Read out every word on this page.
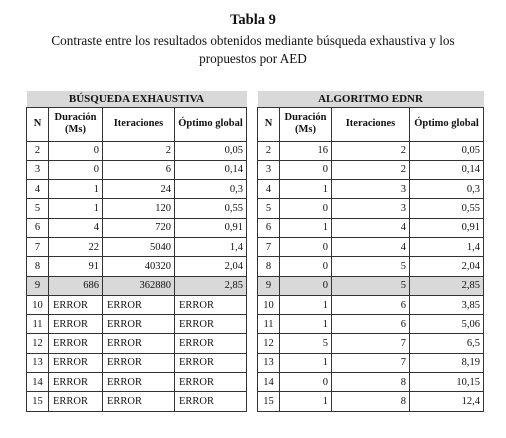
Tabla 9
Contraste entre los resultados obtenidos mediante búsqueda exhaustiva y los propuestos por AED
BÚSQUEDA EXHAUSTIVA			
N	Duración (Ms)	Iteraciones	Óptimo global
2	0	2	0,05
3	0	6	0,14
4	1	24	0,3
5	1	120	0,55
6	4	720	0,91
7	22	5040	1,4
8	91	40320	2,04
9	686	362880	2,85
10	ERROR	ERROR	ERROR
11	ERROR	ERROR	ERROR
12	ERROR	ERROR	ERROR
13	ERROR	ERROR	ERROR
14	ERROR	ERROR	ERROR
15	ERROR	ERROR	ERROR
ALGORITMO EDNR			
N	Duración (Ms)	Iteraciones	Óptimo global
2	16	2	0,05
3	0	2	0,14
4	1	3	0,3
5	0	3	0,55
6	1	4	0,91
7	0	4	1,4
8	0	5	2,04
9	0	5	2,85
10	1	6	3,85
11	1	6	5,06
12	5	7	6,5
13	1	7	8,19
14	0	8	10,15
15	1	8	12,4
